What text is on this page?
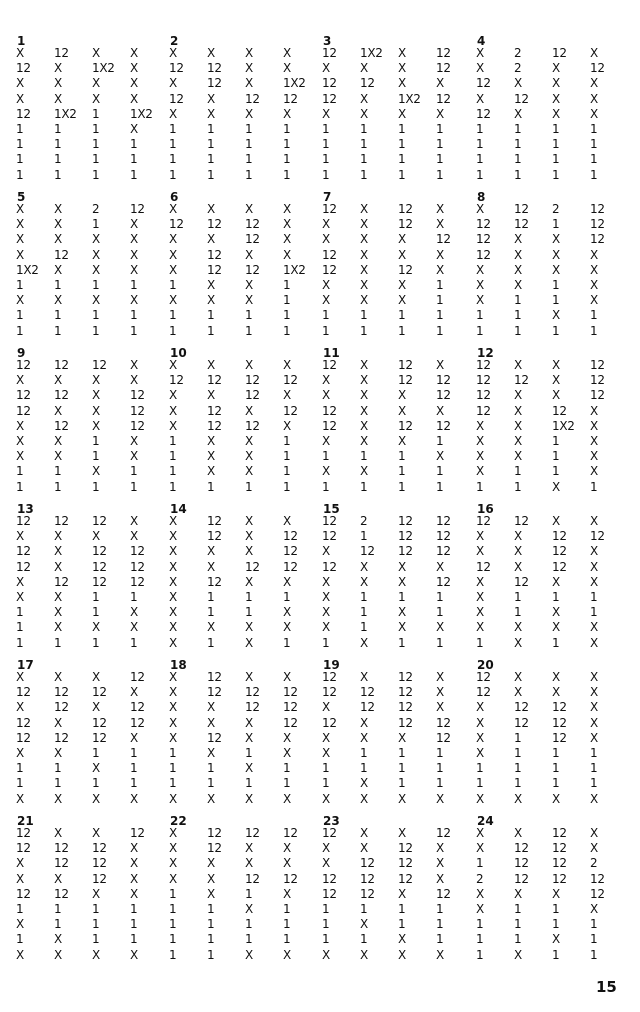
1
X
12
X
X
12
1
1
1
1
12
X
X
X
1X2
1
1
1
1
X
1X2
X
X
1
1
1
1
1
X
X
X
X
1X2
X
1
1
1
2
X
12
X
12
X
1
1
1
1
X
12
12
X
X
1
1
1
1
X
X
X
12
X
1
1
1
1
X
X
1X2
12
X
1
1
1
1
3
12
X
12
12
X
1
1
1
1
1X2
X
12
X
X
1
1
1
1
X
X
X
1X2
X
1
1
1
1
12
12
X
12
X
1
1
1
1
4
X
X
12
X
12
1
1
1
1
2
2
X
12
X
1
1
1
1
12
X
X
X
X
1
1
1
1
X
12
X
X
X
1
1
1
1
5
X
X
X
X
1X2
1
X
1
1
X
X
X
12
X
1
X
1
1
2
1
X
X
X
1
X
1
1
12
X
X
X
X
1
X
1
1
6
X
12
X
X
X
1
X
1
1
X
12
X
12
12
X
X
1
1
X
12
12
X
12
X
X
1
1
X
X
X
X
1X2
1
1
1
1
7
12
X
X
12
12
X
X
1
1
X
X
X
X
X
X
X
1
1
12
12
X
X
12
X
X
1
1
X
X
12
X
X
1
1
1
1
8
X
12
12
12
X
X
X
1
1
12
12
X
X
X
X
1
1
1
2
1
X
X
X
1
1
X
1
12
12
12
X
X
X
X
1
1
9
12
X
12
12
X
X
X
1
1
12
X
12
X
12
X
X
1
1
12
X
X
X
X
1
1
X
1
X
X
12
12
12
X
X
1
1
10
X
12
X
X
X
1
1
1
1
X
12
X
12
12
X
X
X
1
X
12
12
X
12
X
X
X
1
X
12
X
12
X
1
1
1
1
11
12
X
X
12
12
X
1
X
1
X
X
X
X
X
X
1
X
1
12
12
X
X
12
X
1
1
1
X
12
12
X
12
1
X
1
1
12
12
12
12
12
X
X
X
X
1
X
12
X
X
X
X
X
1
1
X
X
X
12
1X2
1
1
1
X
12
12
12
X
X
X
X
X
1
13
12
X
12
12
X
X
1
1
1
12
X
X
X
12
X
X
X
1
12
X
12
12
12
1
1
X
1
X
X
12
12
12
1
X
X
1
14
X
X
X
X
X
X
X
X
X
12
12
X
X
12
1
1
X
1
X
X
X
12
X
1
1
X
X
X
12
12
12
X
1
X
X
1
15
12
12
X
12
X
X
X
X
1
2
1
12
X
X
1
1
1
X
12
12
12
X
X
1
X
X
1
12
12
12
X
12
1
1
X
1
16
12
X
X
12
X
X
X
X
1
12
X
X
X
12
1
1
X
X
X
12
12
12
X
1
X
X
1
X
12
X
X
X
1
1
X
X
17
X
12
X
12
12
X
1
1
X
X
12
12
X
12
X
1
1
X
X
12
X
12
12
1
X
1
X
12
X
12
12
X
1
1
1
X
18
X
X
X
X
X
1
1
1
X
12
12
X
X
12
X
1
1
X
X
12
12
X
X
1
X
1
X
X
12
12
12
X
X
1
1
X
19
12
12
X
12
X
X
1
1
X
X
12
12
X
X
1
1
X
X
12
12
12
12
X
1
1
1
X
X
X
X
12
12
1
1
1
X
20
12
12
X
X
X
X
1
1
X
X
X
12
12
1
1
1
1
X
X
X
12
12
12
1
1
1
X
X
X
X
X
X
1
1
1
X
21
12
12
X
X
12
1
X
1
X
X
12
12
X
12
1
1
X
X
X
12
12
12
X
1
1
1
X
12
X
X
X
X
1
1
1
X
22
X
X
X
X
1
1
1
1
1
12
12
X
X
X
1
1
1
1
12
X
X
12
1
X
1
1
X
12
X
X
12
X
1
1
1
X
23
12
X
X
12
12
1
1
1
X
X
X
12
12
12
1
X
1
X
X
12
12
12
X
1
1
X
X
12
X
X
X
12
1
1
1
X
24
X
X
1
2
X
X
1
1
1
X
12
12
12
X
1
1
1
X
12
12
12
12
X
1
1
X
1
X
X
2
12
12
X
1
1
1
15
